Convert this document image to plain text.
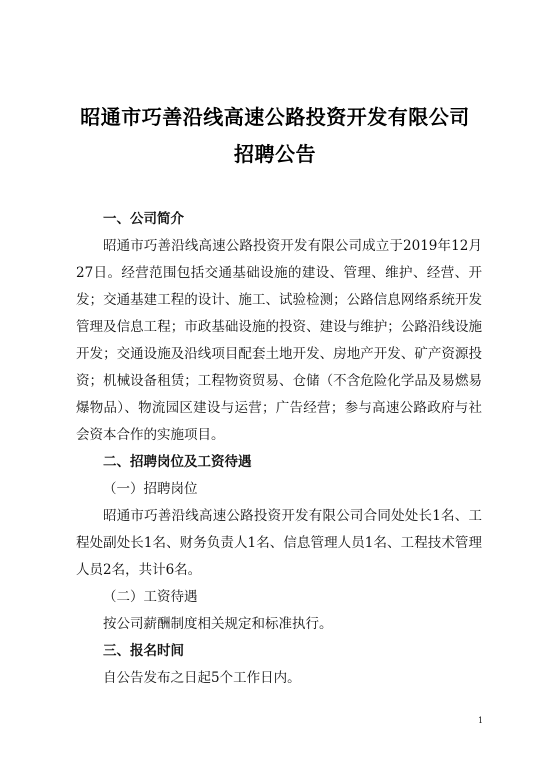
昭通市巧善沿线高速公路投资开发有限公司
招聘公告
一、公司简介
昭通市巧善沿线高速公路投资开发有限公司成立于2019年12月27日。经营范围包括交通基础设施的建设、管理、维护、经营、开发；交通基建工程的设计、施工、试验检测；公路信息网络系统开发管理及信息工程；市政基础设施的投资、建设与维护；公路沿线设施开发；交通设施及沿线项目配套土地开发、房地产开发、矿产资源投资；机械设备租赁；工程物资贸易、仓储（不含危险化学品及易燃易爆物品）、物流园区建设与运营；广告经营；参与高速公路政府与社会资本合作的实施项目。
二、招聘岗位及工资待遇
（一）招聘岗位
昭通市巧善沿线高速公路投资开发有限公司合同处处长1名、工程处副处长1名、财务负责人1名、信息管理人员1名、工程技术管理人员2名，共计6名。
（二）工资待遇
按公司薪酬制度相关规定和标准执行。
三、报名时间
自公告发布之日起5个工作日内。
1
